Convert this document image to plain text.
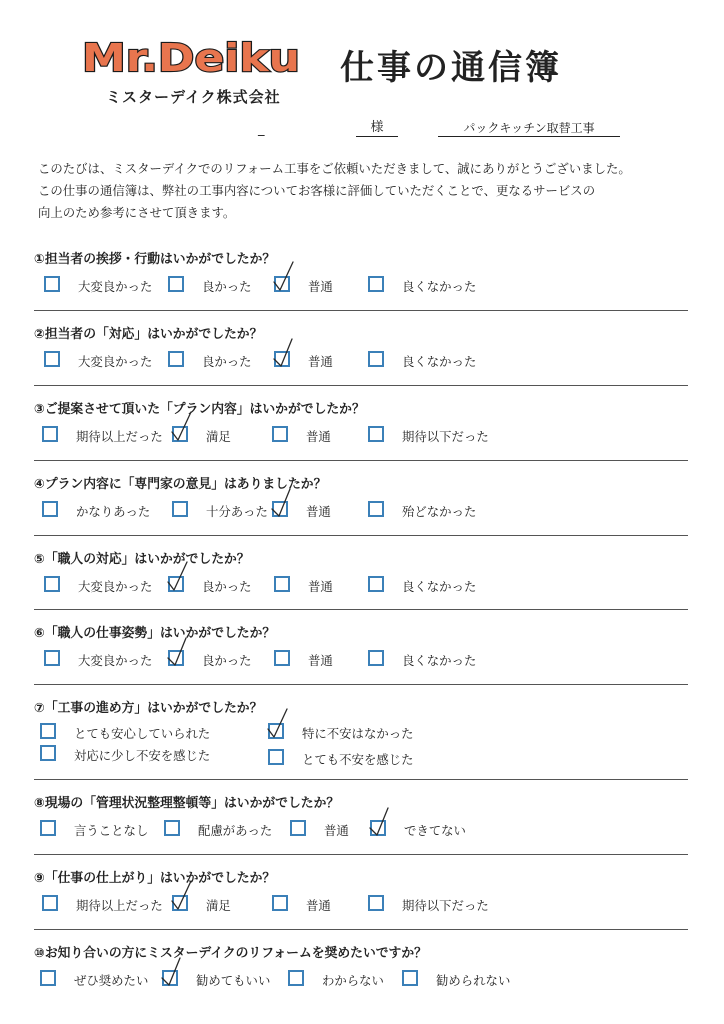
Mr.Deiku
ミスターデイク株式会社
仕事の通信簿
_	様	パックキッチン取替工事
このたびは、ミスターデイクでのリフォーム工事をご依頼いただきまして、誠にありがとうございました。
この仕事の通信簿は、弊社の工事内容についてお客様に評価していただくことで、更なるサービスの
向上のため参考にさせて頂きます。
①担当者の挨拶・行動はいかがでしたか？
大変良かった	良かった	普通	良くなかった
②担当者の「対応」はいかがでしたか？
大変良かった	良かった	普通	良くなかった
③ご提案させて頂いた「プラン内容」はいかがでしたか？
期待以上だった	満足	普通	期待以下だった
④プラン内容に「専門家の意見」はありましたか？
かなりあった	十分あった	普通	殆どなかった
⑤「職人の対応」はいかがでしたか？
大変良かった	良かった	普通	良くなかった
⑥「職人の仕事姿勢」はいかがでしたか？
大変良かった	良かった	普通	良くなかった
⑦「工事の進め方」はいかがでしたか？
とても安心していられた	特に不安はなかった
対応に少し不安を感じた	とても不安を感じた
⑧現場の「管理状況整理整頓等」はいかがでしたか？
言うことなし	配慮があった	普通	できてない
⑨「仕事の仕上がり」はいかがでしたか？
期待以上だった	満足	普通	期待以下だった
⑩お知り合いの方にミスターデイクのリフォームを奨めたいですか？
ぜひ奨めたい	勧めてもいい	わからない	勧められない
